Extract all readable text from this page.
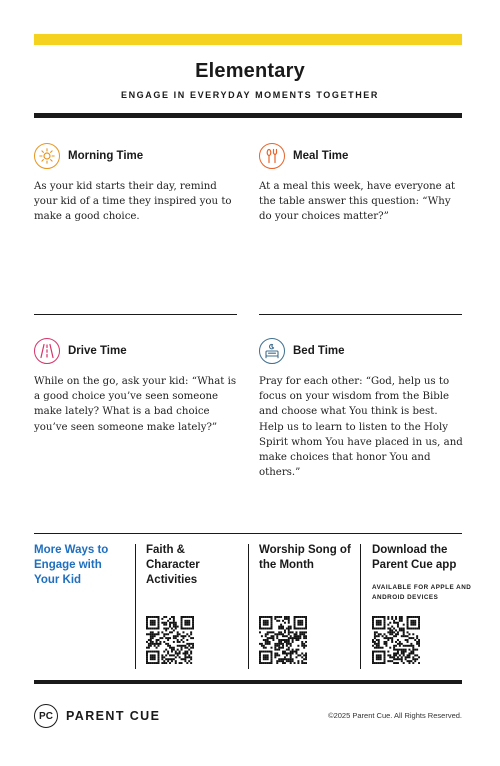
Elementary
ENGAGE IN EVERYDAY MOMENTS TOGETHER
Morning Time
As your kid starts their day, remind your kid of a time they inspired you to make a good choice.
Meal Time
At a meal this week, have everyone at the table answer this question: “Why do your choices matter?”
Drive Time
While on the go, ask your kid: “What is a good choice you’ve seen someone make lately? What is a bad choice you’ve seen someone make lately?”
Bed Time
Pray for each other: “God, help us to focus on your wisdom from the Bible and choose what You think is best. Help us to learn to listen to the Holy Spirit whom You have placed in us, and make choices that honor You and others.”
More Ways to Engage with Your Kid
Faith & Character Activities
Worship Song of the Month
Download the Parent Cue app
AVAILABLE FOR APPLE AND ANDROID DEVICES
PC	PARENT CUE	©2025 Parent Cue. All Rights Reserved.
